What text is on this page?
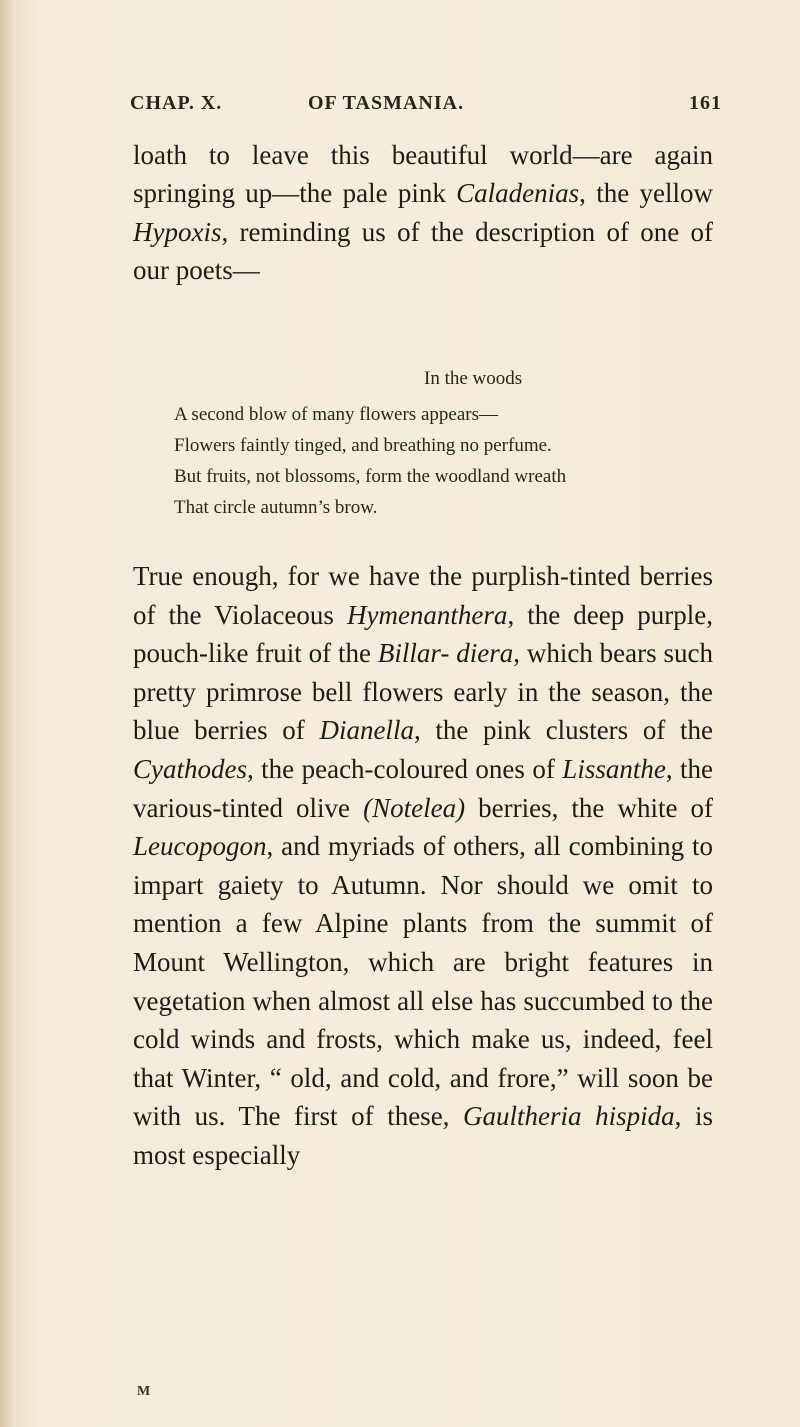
CHAP. X.	OF TASMANIA.	161
loath to leave this beautiful world—are again springing up—the pale pink Caladenias, the yellow Hypoxis, reminding us of the description of one of our poets—
In the woods
A second blow of many flowers appears—
Flowers faintly tinged, and breathing no perfume.
But fruits, not blossoms, form the woodland wreath
That circle autumn’s brow.
True enough, for we have the purplish-tinted berries of the Violaceous Hymenanthera, the deep purple, pouch-like fruit of the Billar- diera, which bears such pretty primrose bell flowers early in the season, the blue berries of Dianella, the pink clusters of the Cyathodes, the peach-coloured ones of Lissanthe, the various-tinted olive (Notelea) berries, the white of Leucopogon, and myriads of others, all combining to impart gaiety to Autumn. Nor should we omit to mention a few Alpine plants from the summit of Mount Wellington, which are bright features in vegetation when almost all else has succumbed to the cold winds and frosts, which make us, indeed, feel that Winter, “ old, and cold, and frore,” will soon be with us. The first of these, Gaultheria hispida, is most especially
M
